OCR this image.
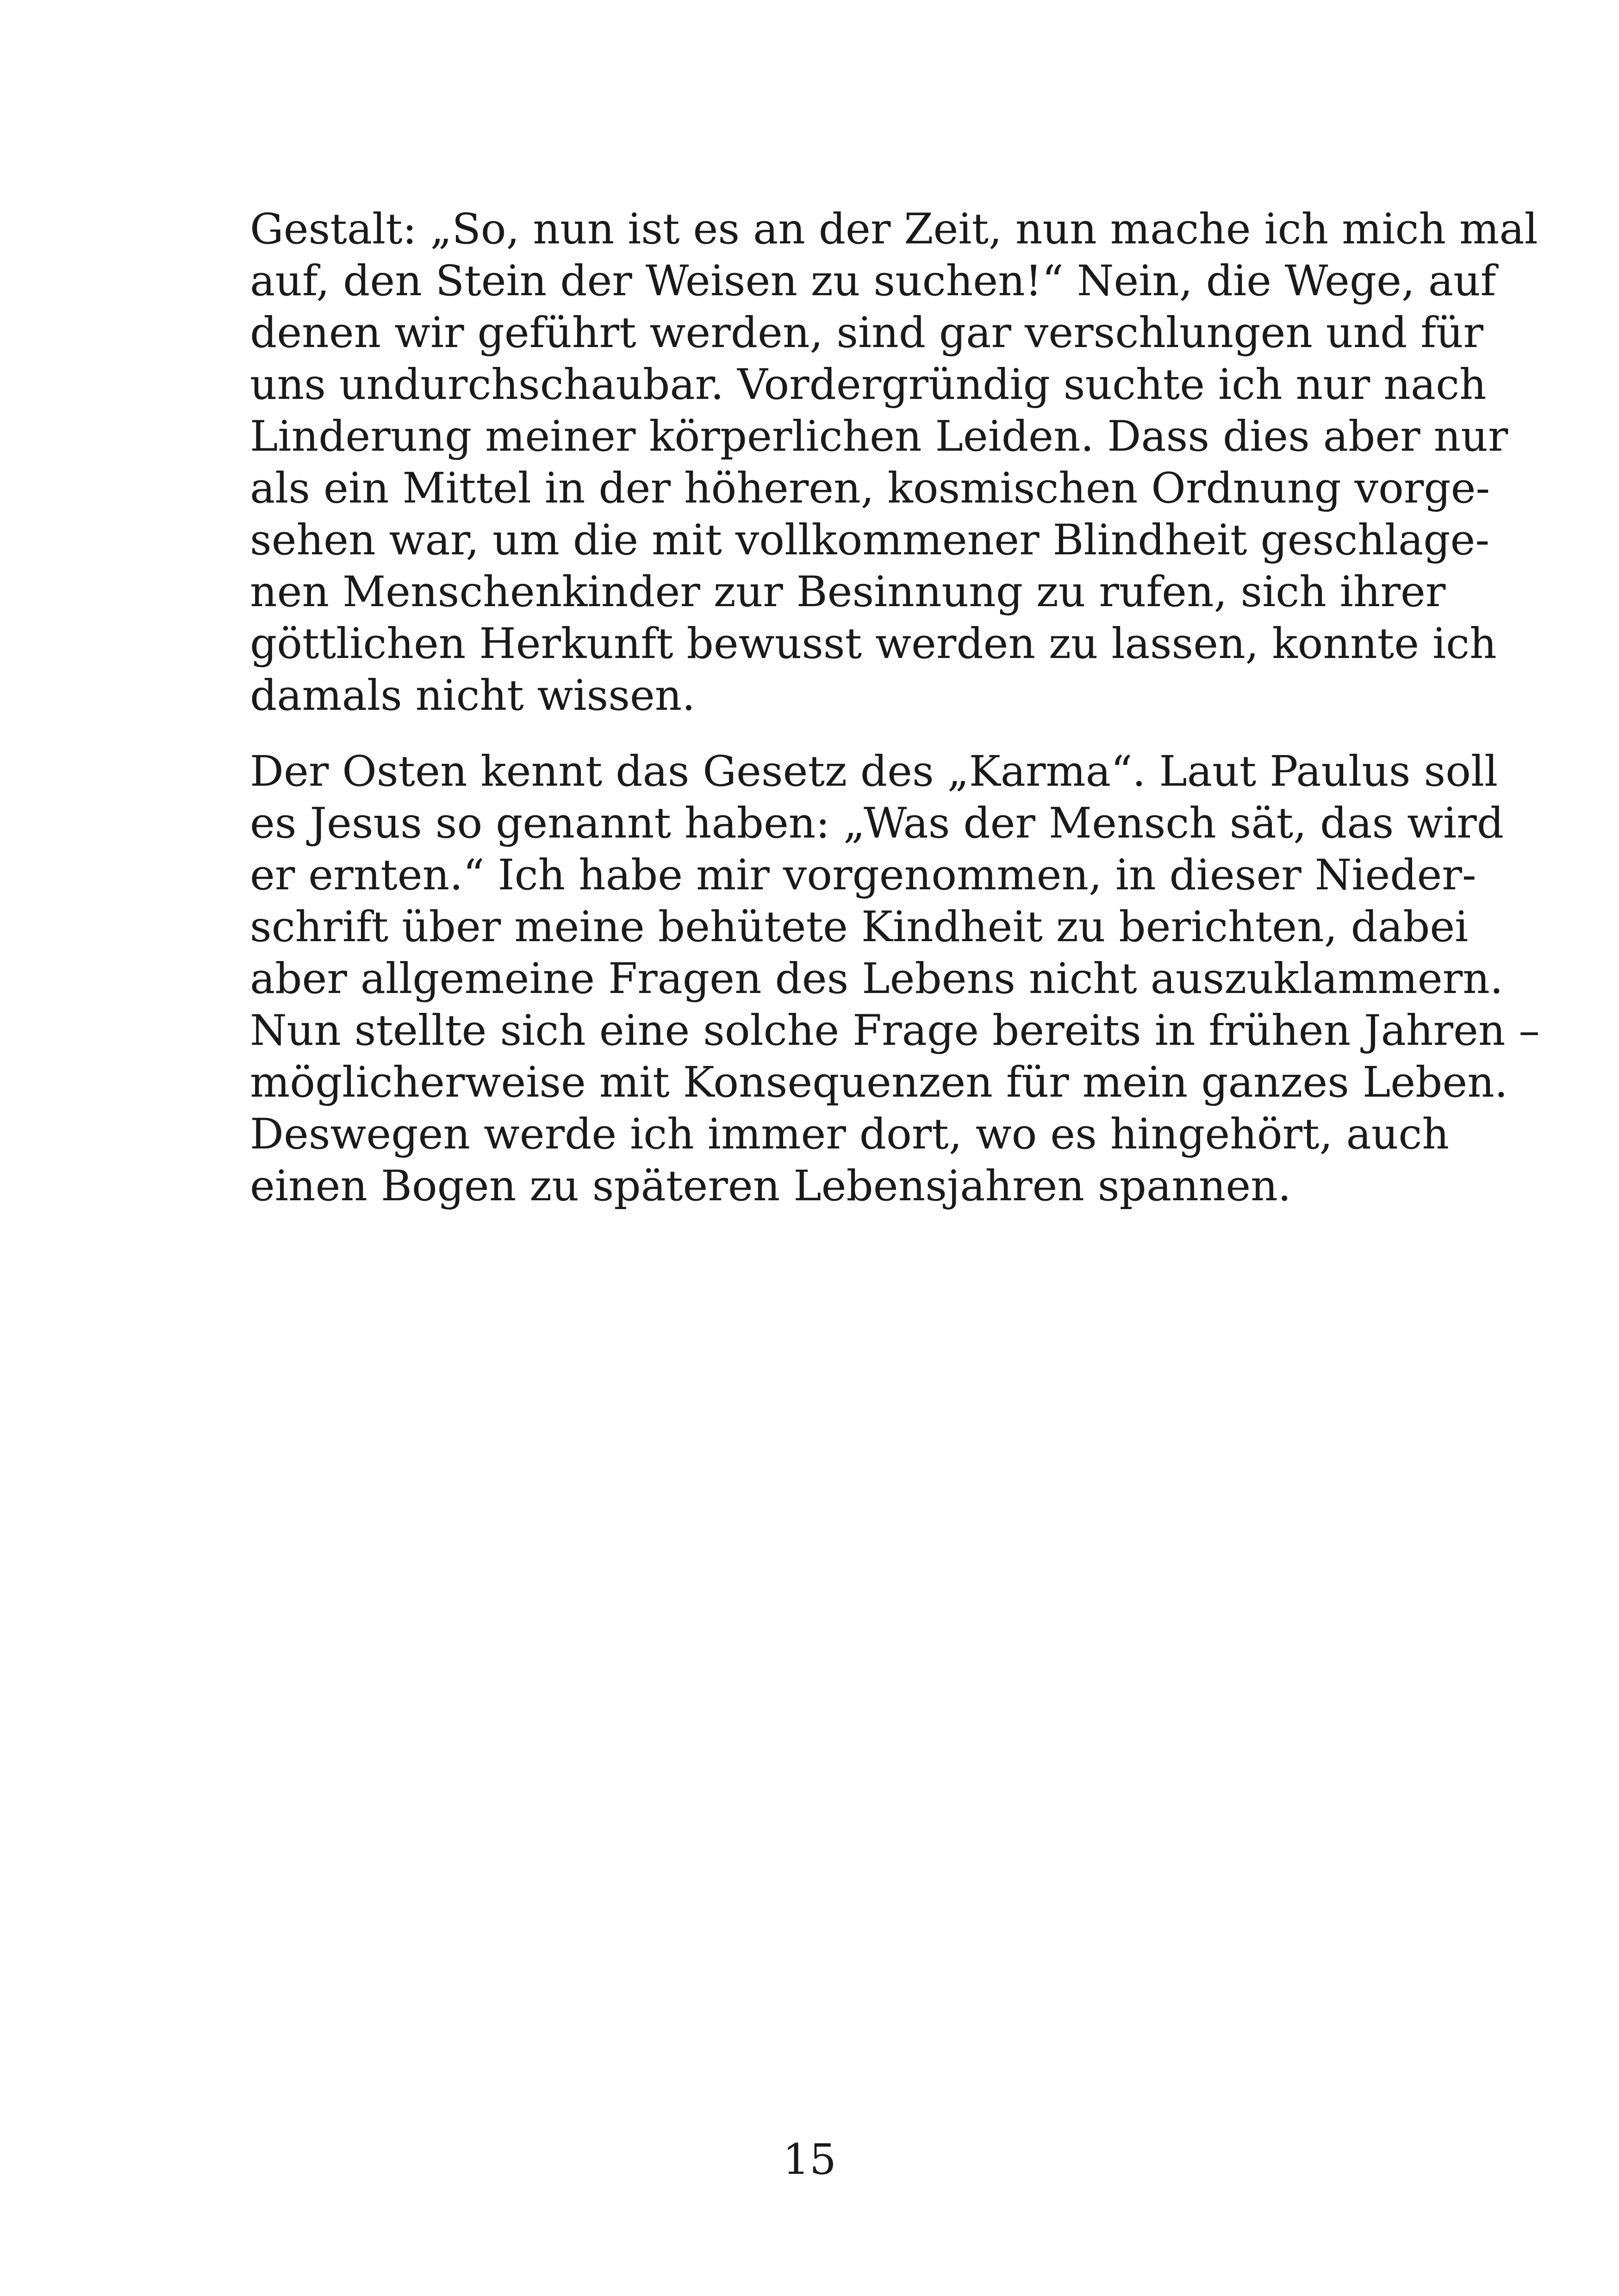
Gestalt: „So, nun ist es an der Zeit, nun mache ich mich mal
auf, den Stein der Weisen zu suchen!“ Nein, die Wege, auf
denen wir geführt werden, sind gar verschlungen und für
uns undurchschaubar. Vordergründig suchte ich nur nach
Linderung meiner körperlichen Leiden. Dass dies aber nur
als ein Mittel in der höheren, kosmischen Ordnung vorge-
sehen war, um die mit vollkommener Blindheit geschlage-
nen Menschenkinder zur Besinnung zu rufen, sich ihrer
göttlichen Herkunft bewusst werden zu lassen, konnte ich
damals nicht wissen.
Der Osten kennt das Gesetz des „Karma“. Laut Paulus soll
es Jesus so genannt haben: „Was der Mensch sät, das wird
er ernten.“ Ich habe mir vorgenommen, in dieser Nieder-
schrift über meine behütete Kindheit zu berichten, dabei
aber allgemeine Fragen des Lebens nicht auszuklammern.
Nun stellte sich eine solche Frage bereits in frühen Jahren –
möglicherweise mit Konsequenzen für mein ganzes Leben.
Deswegen werde ich immer dort, wo es hingehört, auch
einen Bogen zu späteren Lebensjahren spannen.
15
